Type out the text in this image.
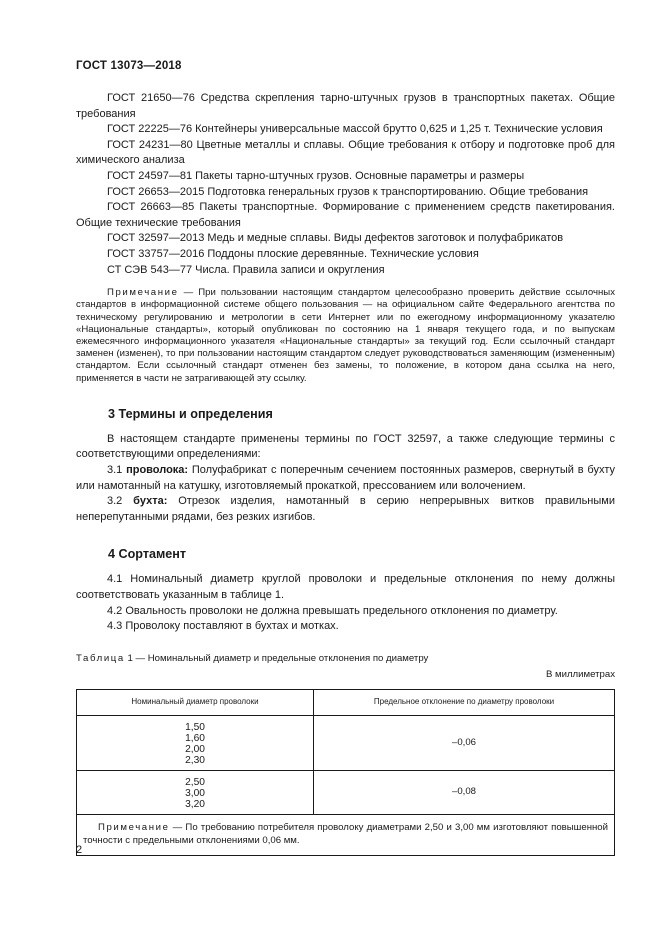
ГОСТ 13073—2018

ГОСТ 21650—76 Средства скрепления тарно-штучных грузов в транспортных пакетах. Общие требования

ГОСТ 22225—76 Контейнеры универсальные массой брутто 0,625 и 1,25 т. Технические условия

ГОСТ 24231—80 Цветные металлы и сплавы. Общие требования к отбору и подготовке проб для химического анализа

ГОСТ 24597—81 Пакеты тарно-штучных грузов. Основные параметры и размеры

ГОСТ 26653—2015 Подготовка генеральных грузов к транспортированию. Общие требования

ГОСТ 26663—85 Пакеты транспортные. Формирование с применением средств пакетирования. Общие технические требования

ГОСТ 32597—2013 Медь и медные сплавы. Виды дефектов заготовок и полуфабрикатов

ГОСТ 33757—2016 Поддоны плоские деревянные. Технические условия

СТ СЭВ 543—77 Числа. Правила записи и округления

Примечание — При пользовании настоящим стандартом целесообразно проверить действие ссылочных стандартов в информационной системе общего пользования — на официальном сайте Федерального агентства по техническому регулированию и метрологии в сети Интернет или по ежегодному информационному указателю «Национальные стандарты», который опубликован по состоянию на 1 января текущего года, и по выпускам ежемесячного информационного указателя «Национальные стандарты» за текущий год. Если ссылочный стандарт заменен (изменен), то при пользовании настоящим стандартом следует руководствоваться заменяющим (измененным) стандартом. Если ссылочный стандарт отменен без замены, то положение, в котором дана ссылка на него, применяется в части не затрагивающей эту ссылку.

3 Термины и определения

В настоящем стандарте применены термины по ГОСТ 32597, а также следующие термины с соответствующими определениями:

3.1 проволока: Полуфабрикат с поперечным сечением постоянных размеров, свернутый в бухту или намотанный на катушку, изготовляемый прокаткой, прессованием или волочением.

3.2 бухта: Отрезок изделия, намотанный в серию непрерывных витков правильными неперепутанными рядами, без резких изгибов.

4 Сортамент

4.1 Номинальный диаметр круглой проволоки и предельные отклонения по нему должны соответствовать указанным в таблице 1.

4.2 Овальность проволоки не должна превышать предельного отклонения по диаметру.

4.3 Проволоку поставляют в бухтах и мотках.

Таблица 1 — Номинальный диаметр и предельные отклонения по диаметру

В миллиметрах

Номинальный диаметр проволоки	Предельное отклонение по диаметру проволоки

1,50
1,60
2,00
2,30	–0,06

2,50
3,00
3,20	–0,08
Примечание — По требованию потребителя проволоку диаметрами 2,50 и 3,00 мм изготовляют повышенной точности с предельными отклонениями 0,06 мм.	
2
